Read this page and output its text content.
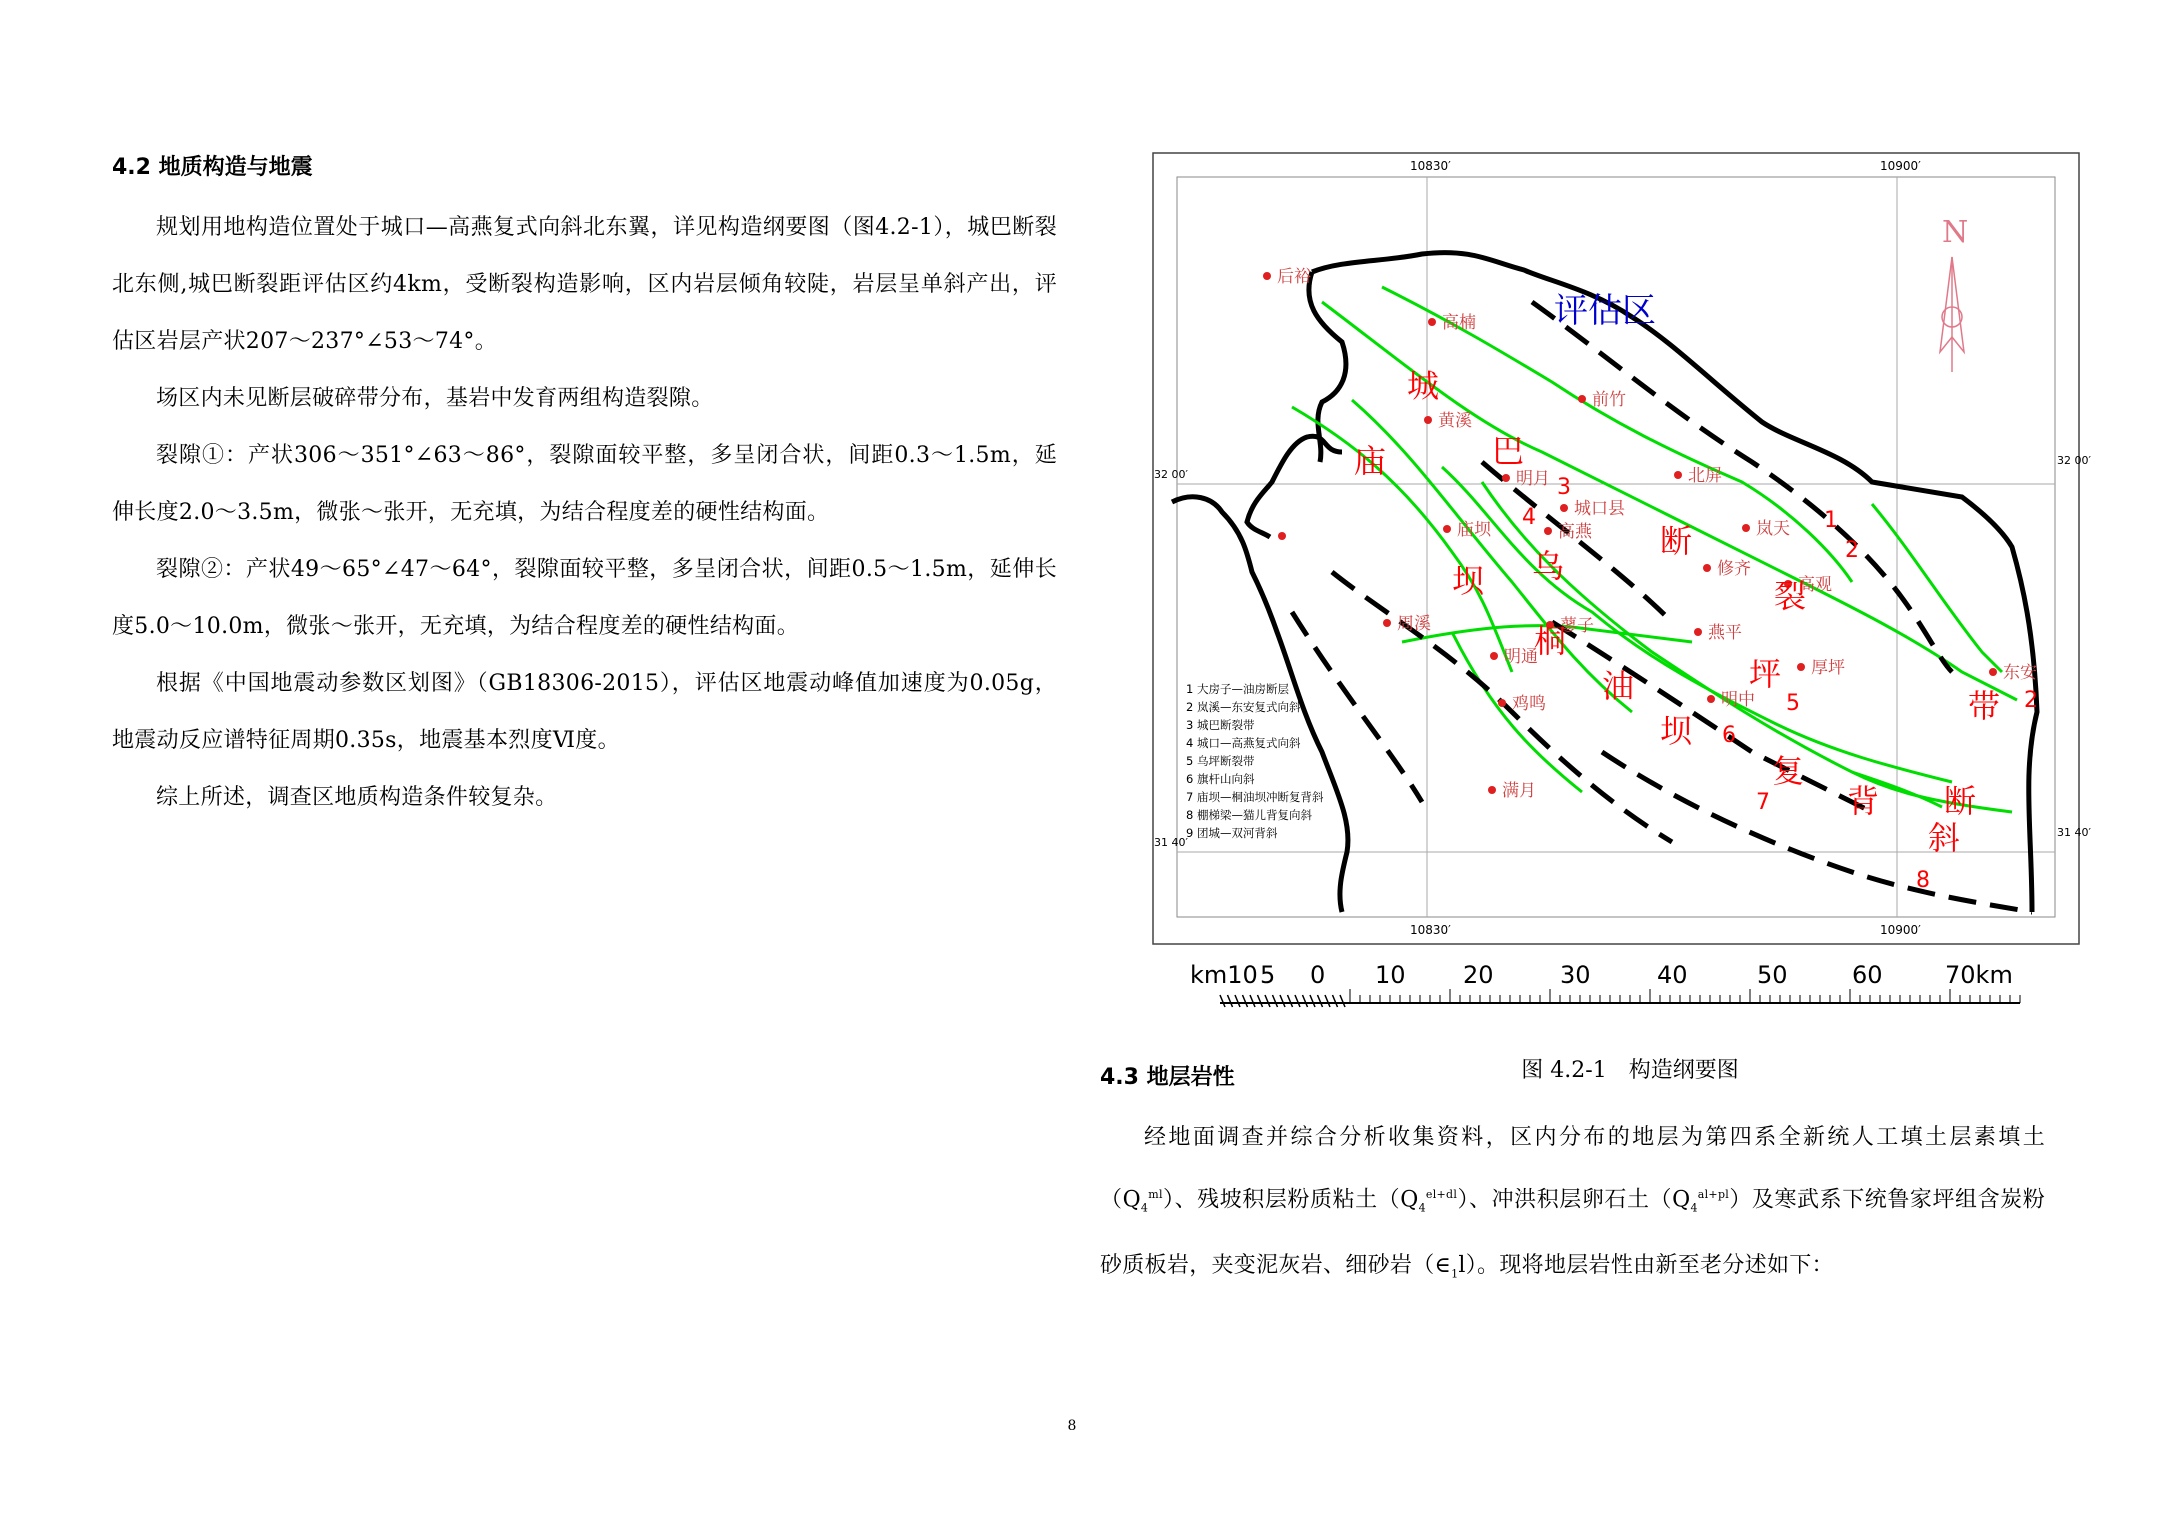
4.2 地质构造与地震

规划用地构造位置处于城口—高燕复式向斜北东翼，详见构造纲要图（图4.2-1），城巴断裂北东侧,城巴断裂距评估区约4km，受断裂构造影响，区内岩层倾角较陡，岩层呈单斜产出，评估区岩层产状207～237°∠53～74°。

场区内未见断层破碎带分布，基岩中发育两组构造裂隙。

裂隙①：产状306～351°∠63～86°，裂隙面较平整，多呈闭合状，间距0.3～1.5m，延伸长度2.0～3.5m，微张～张开，无充填，为结合程度差的硬性结构面。

裂隙②：产状49～65°∠47～64°，裂隙面较平整，多呈闭合状，间距0.5～1.5m，延伸长度5.0～10.0m，微张～张开，无充填，为结合程度差的硬性结构面。

根据《中国地震动参数区划图》（GB18306-2015），评估区地震动峰值加速度为0.05g，地震动反应谱特征周期0.35s，地震基本烈度Ⅵ度。

综上所述，调查区地质构造条件较复杂。

10830′	10900′
10830′	10900′
32 00′
32 00′
31 40′
31 40′
N
评估区
后裕
高楠
黄溪
前竹
北屏
明月
城口县
岚天
庙坝	高燕
修齐
高观
周溪	蓼子	燕平
明通
厚坪	东安
鸡鸣	明中
满月
城
巴
断
裂
带
庙
坝 乌
桐
油
坝
坪
复
背 断
斜
1
2
3
4
5
6
7
8
2
1 大房子—油房断层
2 岚溪—东安复式向斜
3 城巴断裂带
4 城口—高燕复式向斜
5 乌坪断裂带
6 旗杆山向斜
7 庙坝—桐油坝冲断复背斜
8 棚梯梁—猫儿背复向斜
9 团城—双河背斜
km10 5 0 10 20	30	40	50	60	70km
图 4.2-1　构造纲要图
4.3 地层岩性

经地面调查并综合分析收集资料，区内分布的地层为第四系全新统人工填土层素填土$(Q_4^{ml})$、残坡积层粉质粘土$(Q_4^{el+dl})$、冲洪积层卵石土$(Q_4^{al+pl})$及寒武系下统鲁家坪组含炭粉砂质板岩，夹变泥灰岩、细砂岩$(\in_1l)$。现将地层岩性由新至老分述如下：

8
